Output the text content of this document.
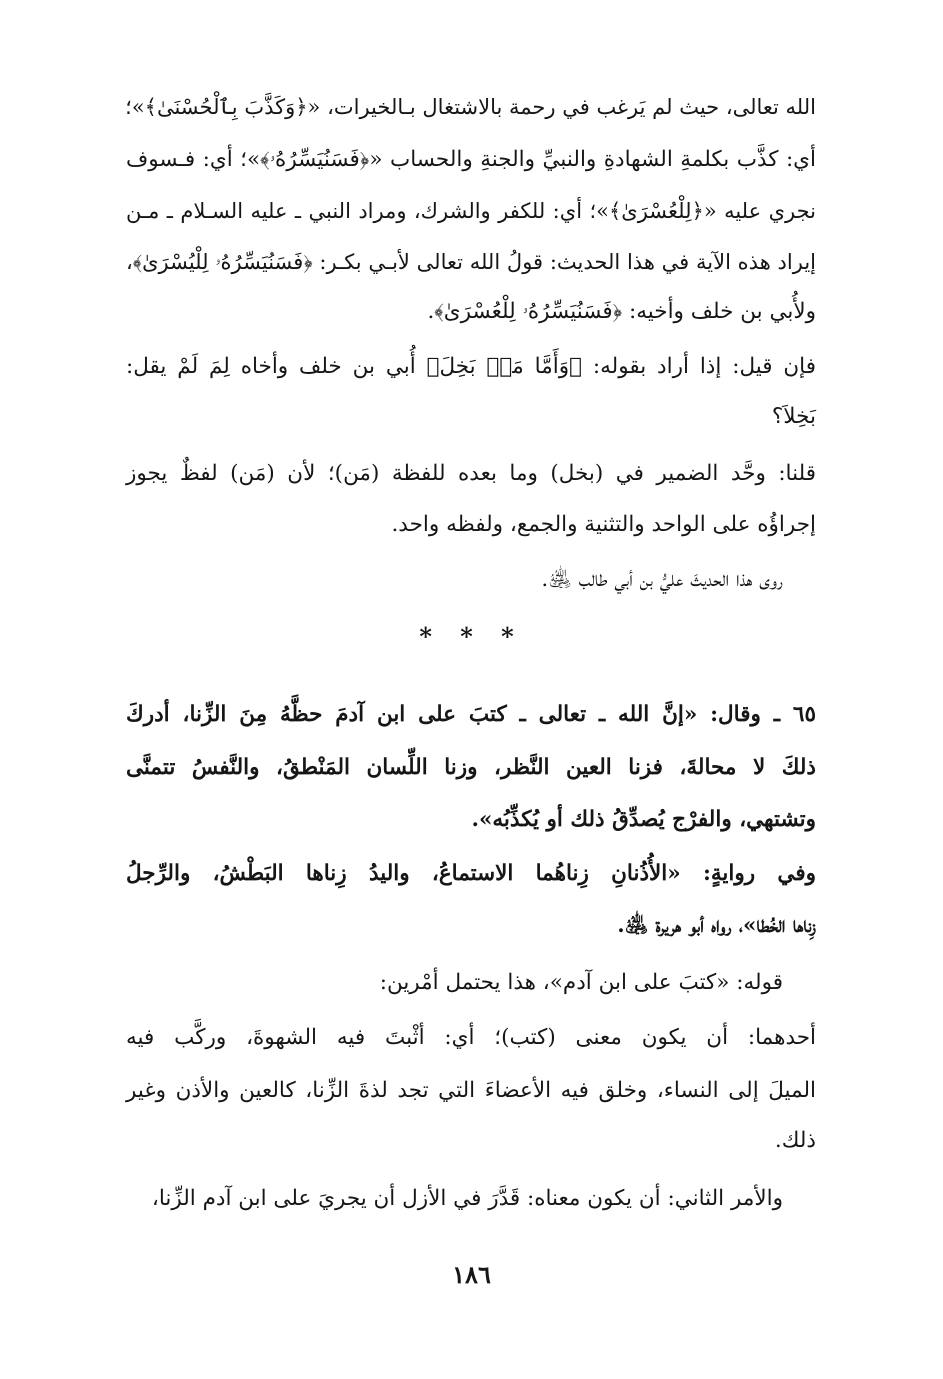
الله تعالى، حيث لم يَرغب في رحمة بالاشتغال بـالخيرات، «﴿وَكَذَّبَ بِٱلْحُسْنَىٰ﴾»؛
أي: كذَّب بكلمةِ الشهادةِ والنبيِّ والجنةِ والحساب «﴿فَسَنُيَسِّرُهُۥ﴾»؛ أي: فـسوف
نجري عليه «﴿لِلْعُسْرَىٰ﴾»؛ أي: للكفر والشرك، ومراد النبي ـ عليه السـلام ـ مـن
إيراد هذه الآية في هذا الحديث: قولُ الله تعالى لأبـي بكـر: ﴿فَسَنُيَسِّرُهُۥ لِلْيُسْرَىٰ﴾،
ولأُبي بن خلف وأخيه: ﴿فَسَنُيَسِّرُهُۥ لِلْعُسْرَىٰ﴾.
فإن قيل: إذا أراد بقوله: ﴿وَأَمَّا مَنۢ بَخِلَ﴾ أُبي بن خلف وأخاه لِمَ لَمْ يقل:
بَخِلاَ؟
قلنا: وحَّد الضمير في (بخل) وما بعده للفظة (مَن)؛ لأن (مَن) لفظٌ يجوز
إجراؤُه على الواحد والتثنية والجمع، ولفظه واحد.
روى هذا الحديثَ عليُّ بن أبي طالب ﵁.
* * *
٦٥ ـ وقال: «إنَّ الله ـ تعالى ـ كتبَ على ابن آدمَ حظَّهُ مِنَ الزِّنا، أدركَ
ذلكَ لا محالةَ، فزنا العين النَّظر، وزنا اللِّسان المَنْطقُ، والنَّفسُ تتمنَّى
وتشتهي، والفرْج يُصدِّقُ ذلك أو يُكذِّبُه».
وفي روايةٍ: «الأُذُنانِ زِناهُما الاستماعُ، واليدُ زِناها البَطْشُ، والرِّجلُ
زِناها الخُطا»، رواه أبو هريرة ﵁.
قوله: «كتبَ على ابن آدم»، هذا يحتمل أمْرين:
أحدهما: أن يكون معنى (كتب)؛ أي: أثْبتَ فيه الشهوةَ، وركَّب فيه
الميلَ إلى النساء، وخلق فيه الأعضاءَ التي تجد لذةَ الزِّنا، كالعين والأذن وغير
ذلك.
والأمر الثاني: أن يكون معناه: قَدَّرَ في الأزل أن يجريَ على ابن آدم الزِّنا،
١٨٦
